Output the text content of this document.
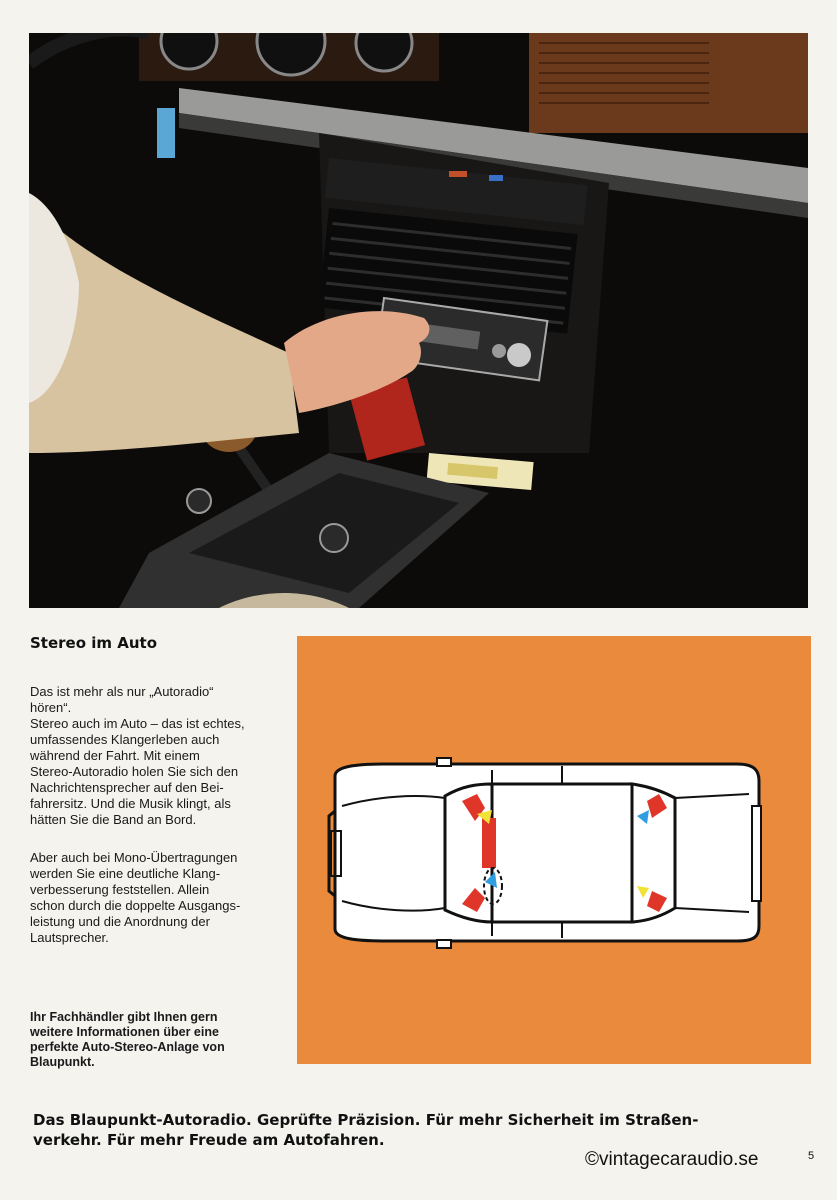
Stereo im Auto

Das ist mehr als nur „Autoradio“

hören“.

Stereo auch im Auto – das ist echtes,

umfassendes Klangerleben auch

während der Fahrt. Mit einem

Stereo-Autoradio holen Sie sich den

Nachrichtensprecher auf den Bei-

fahrersitz. Und die Musik klingt, als

hätten Sie die Band an Bord.

Aber auch bei Mono-Übertragungen

werden Sie eine deutliche Klang-

verbesserung feststellen. Allein

schon durch die doppelte Ausgangs-

leistung und die Anordnung der

Lautsprecher.

Ihr Fachhändler gibt Ihnen gern

weitere Informationen über eine

perfekte Auto-Stereo-Anlage von

Blaupunkt.

Das Blaupunkt-Autoradio. Geprüfte Präzision. Für mehr Sicherheit im Straßen-
verkehr. Für mehr Freude am Autofahren.
©vintagecaraudio.se	5
